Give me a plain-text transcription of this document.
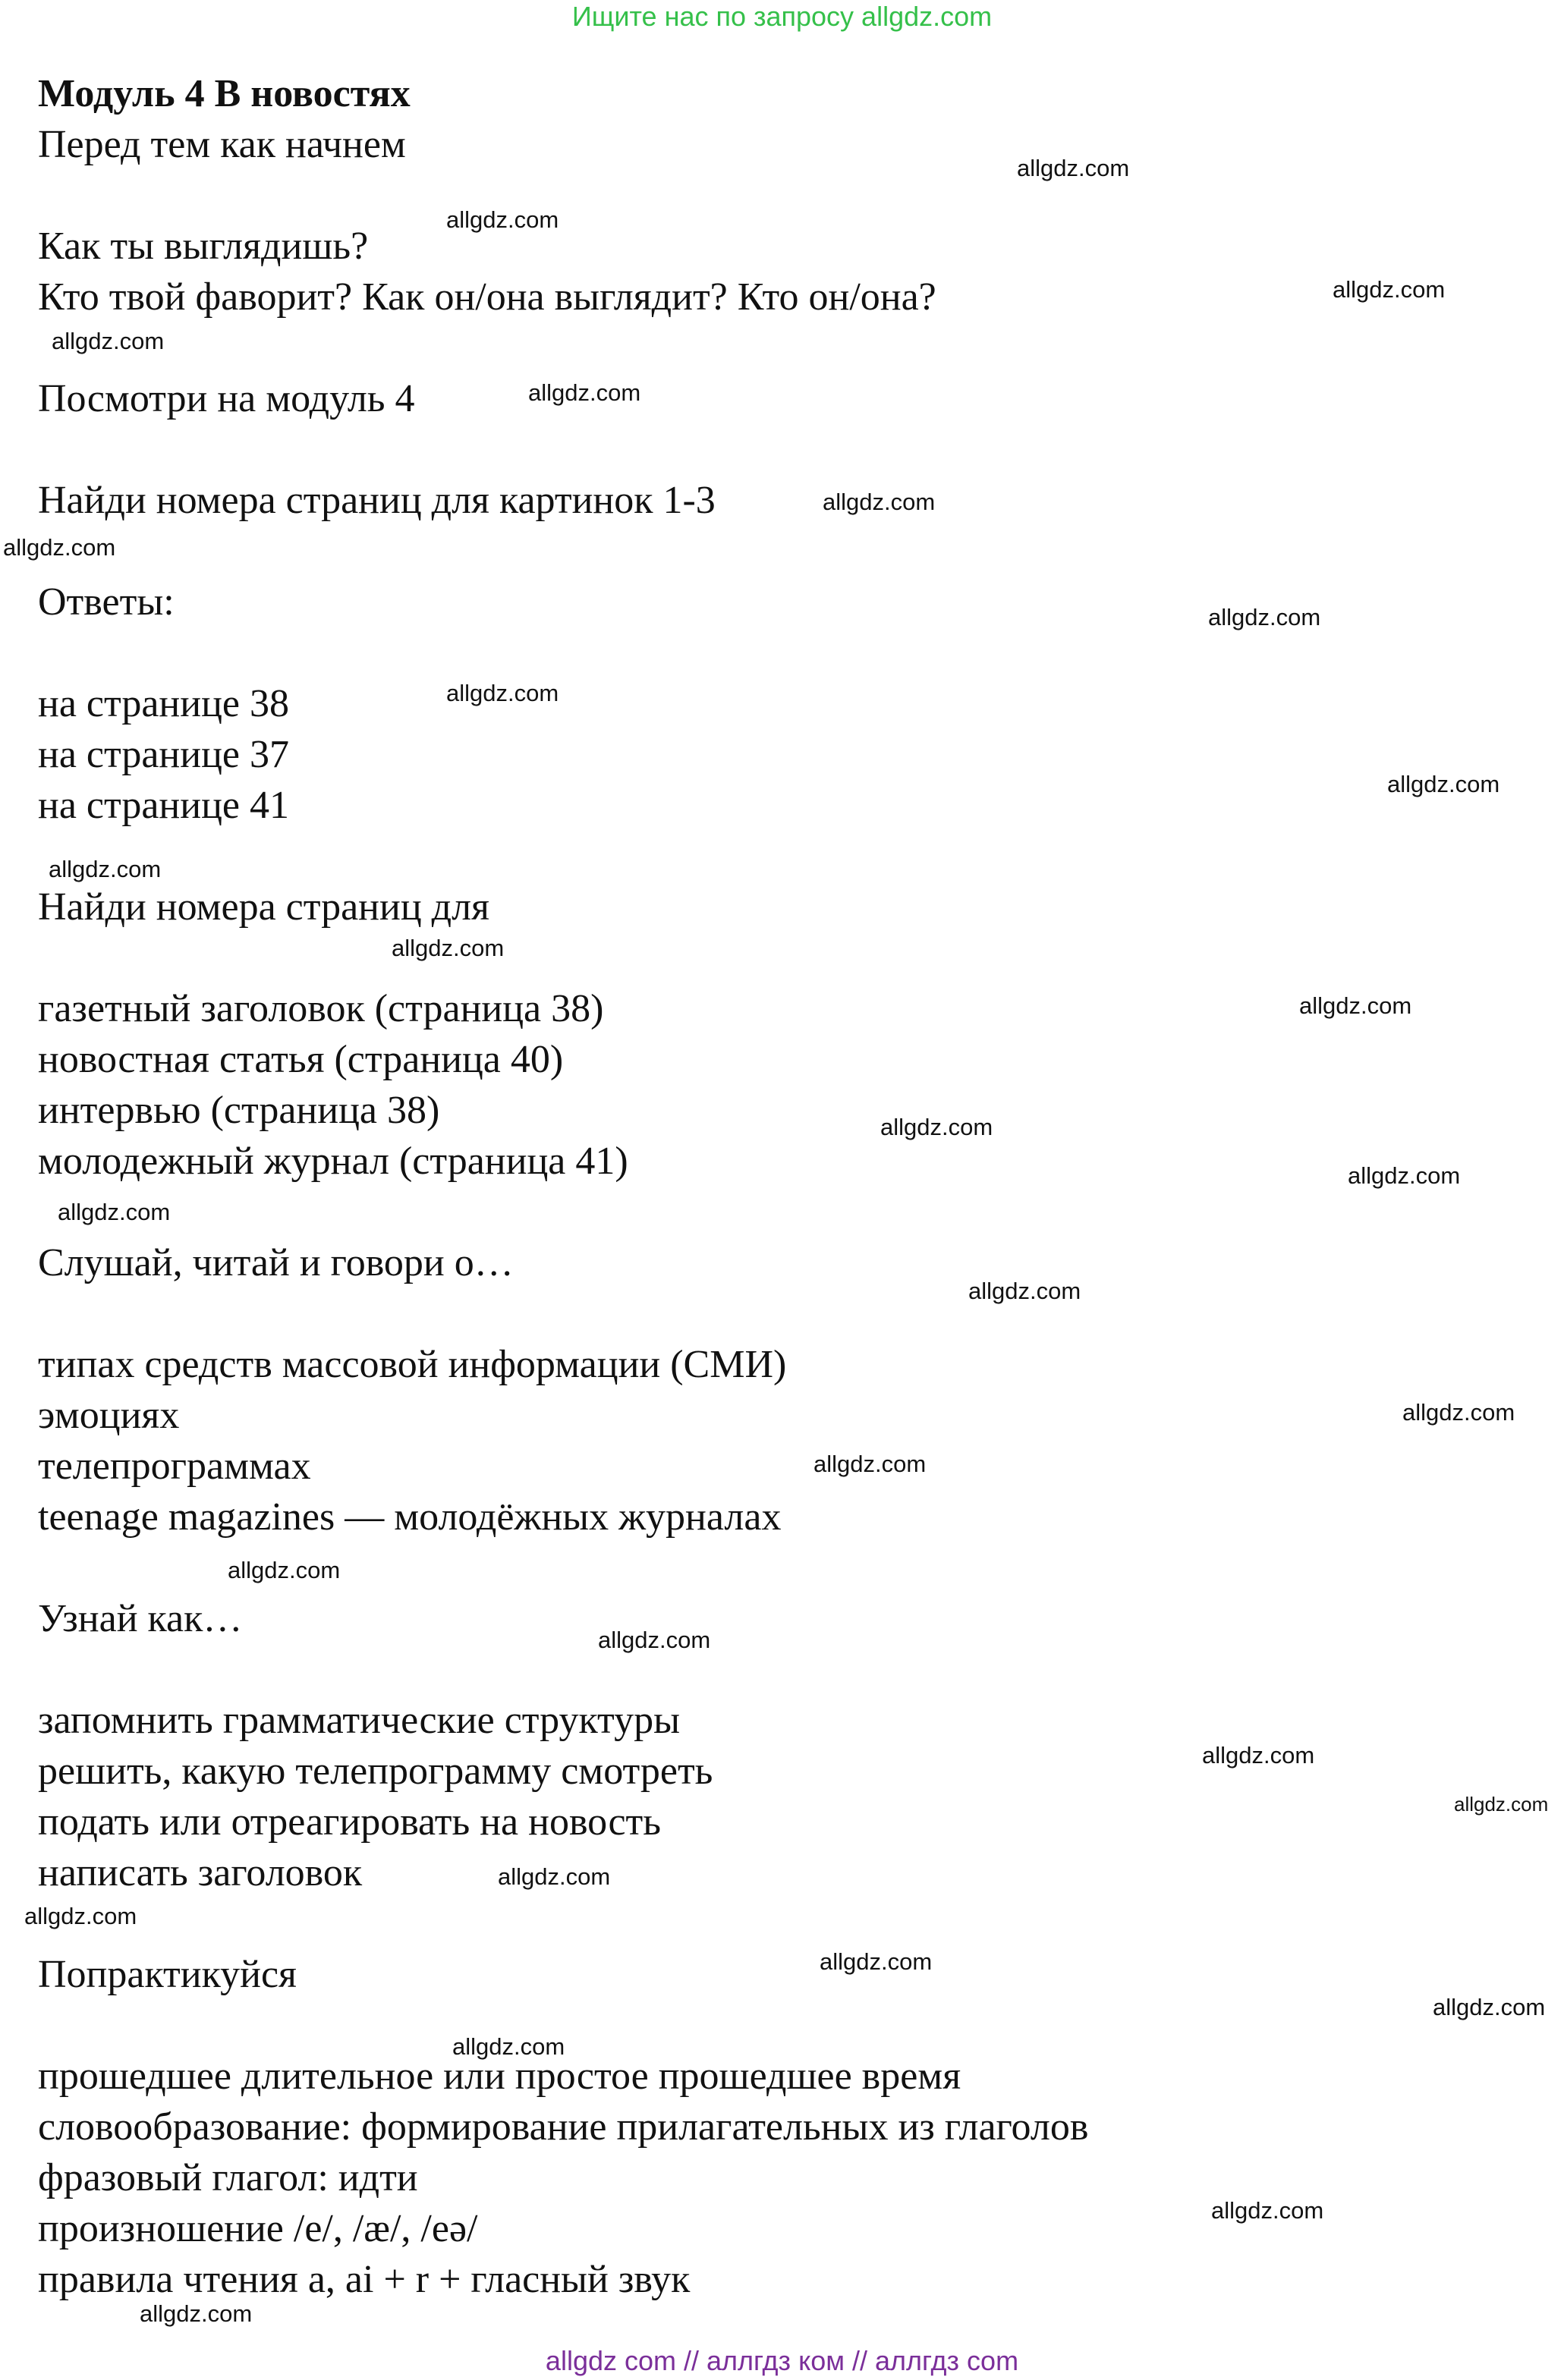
Ищите нас по запросу allgdz.com
Модуль 4 В новостях
Перед тем как начнем
Как ты выглядишь?
Кто твой фаворит? Как он/она выглядит? Кто он/она?
Посмотри на модуль 4
Найди номера страниц для картинок 1-3
Ответы:
на странице 38
на странице 37
на странице 41
Найди номера страниц для
газетный заголовок (страница 38)
новостная статья (страница 40)
интервью (страница 38)
молодежный журнал (страница 41)
Слушай, читай и говори о…
типах средств массовой информации (СМИ)
эмоциях
телепрограммах
teenage magazines — молодёжных журналах
Узнай как…
запомнить грамматические структуры
решить, какую телепрограмму смотреть
подать или отреагировать на новость
написать заголовок
Попрактикуйся
прошедшее длительное или простое прошедшее время
словообразование: формирование прилагательных из глаголов
фразовый глагол: идти
произношение /e/, /æ/, /eə/
правила чтения a, ai + r + гласный звук
allgdz.com
allgdz.com
allgdz.com
allgdz.com
allgdz.com
allgdz.com
allgdz.com
allgdz.com
allgdz.com
allgdz.com
allgdz.com
allgdz.com
allgdz.com
allgdz.com
allgdz.com
allgdz.com
allgdz.com
allgdz.com
allgdz.com
allgdz.com
allgdz.com
allgdz.com
allgdz.com
allgdz.com
allgdz.com
allgdz.com
allgdz.com
allgdz.com
allgdz.com
allgdz.com
allgdz com // аллгдз ком // аллгдз com
